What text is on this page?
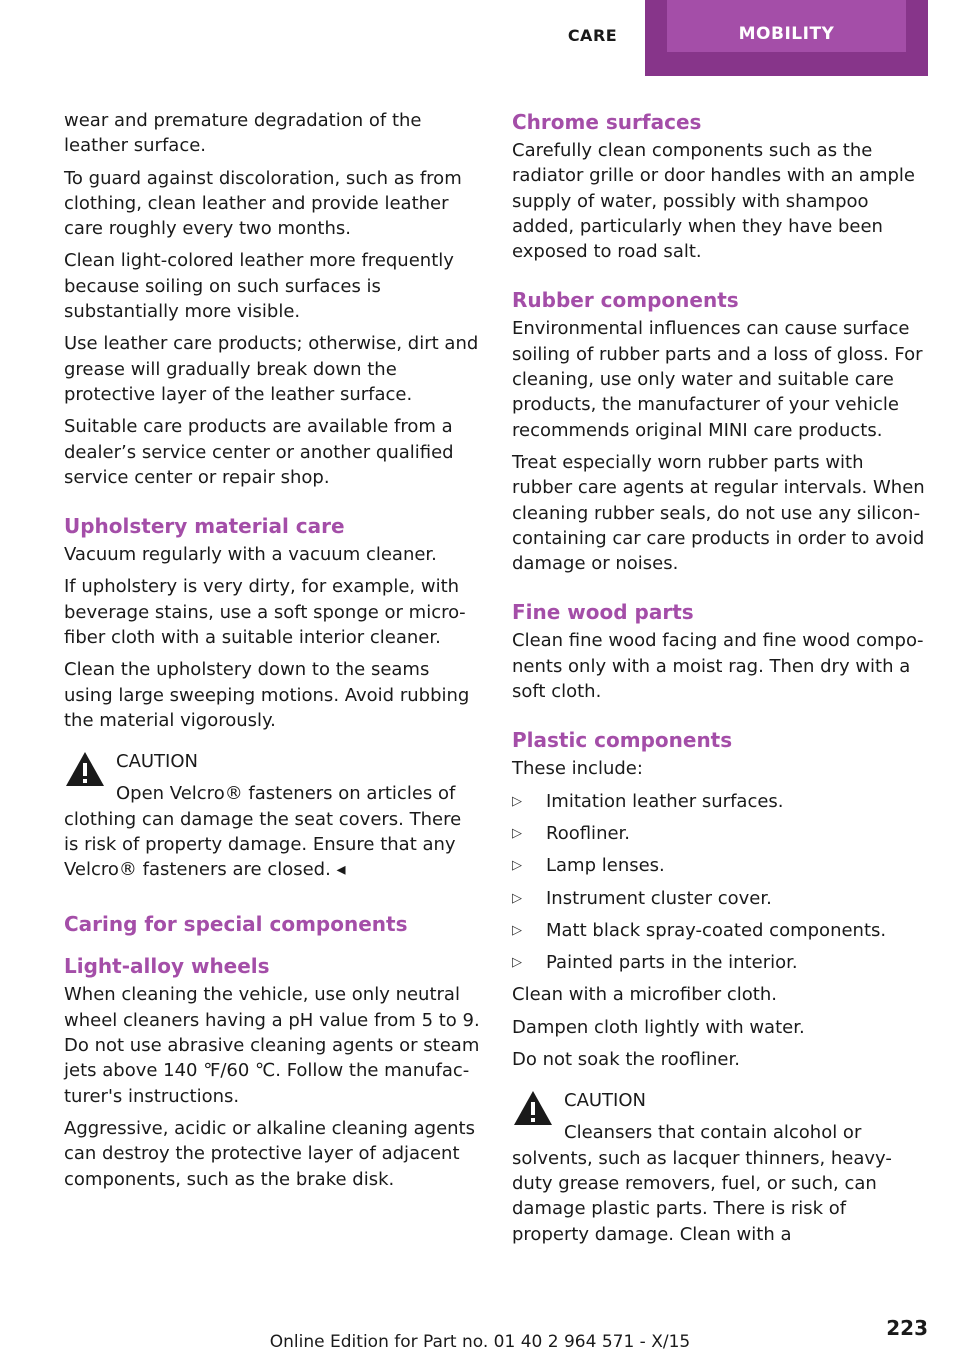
CARE	MOBILITY

wear and premature degradation of the leather surface.

To guard against discoloration, such as from clothing, clean leather and provide leather care roughly every two months.

Clean light-colored leather more frequently because soiling on such surfaces is substantially more visible.

Use leather care products; otherwise, dirt and grease will gradually break down the protective layer of the leather surface.

Suitable care products are available from a dealer’s service center or another qualified service center or repair shop.

Upholstery material care

Vacuum regularly with a vacuum cleaner.

If upholstery is very dirty, for example, with beverage stains, use a soft sponge or microfiber cloth with a suitable interior cleaner.

Clean the upholstery down to the seams using large sweeping motions. Avoid rubbing the material vigorously.

CAUTION

Open Velcro® fasteners on articles of clothing can damage the seat covers. There is risk of property damage. Ensure that any Velcro® fasteners are closed. ◂

Caring for special components
Light-alloy wheels

When cleaning the vehicle, use only neutral wheel cleaners having a pH value from 5 to 9. Do not use abrasive cleaning agents or steam jets above 140 ℉/60 ℃. Follow the manufacturer's instructions.

Aggressive, acidic or alkaline cleaning agents can destroy the protective layer of adjacent components, such as the brake disk.

Chrome surfaces

Carefully clean components such as the radiator grille or door handles with an ample supply of water, possibly with shampoo added, particularly when they have been exposed to road salt.

Rubber components

Environmental influences can cause surface soiling of rubber parts and a loss of gloss. For cleaning, use only water and suitable care products, the manufacturer of your vehicle recommends original MINI care products.

Treat especially worn rubber parts with rubber care agents at regular intervals. When cleaning rubber seals, do not use any silicon-containing car care products in order to avoid damage or noises.

Fine wood parts

Clean fine wood facing and fine wood components only with a moist rag. Then dry with a soft cloth.

Plastic components

These include:

▷ Imitation leather surfaces.
▷ Roofliner.
▷ Lamp lenses.
▷ Instrument cluster cover.
▷ Matt black spray-coated components.
▷ Painted parts in the interior.

Clean with a microfiber cloth.

Dampen cloth lightly with water.

Do not soak the roofliner.

CAUTION

Cleansers that contain alcohol or solvents, such as lacquer thinners, heavy-duty grease removers, fuel, or such, can damage plastic parts. There is risk of property damage. Clean with a

223
Online Edition for Part no. 01 40 2 964 571 - X/15
